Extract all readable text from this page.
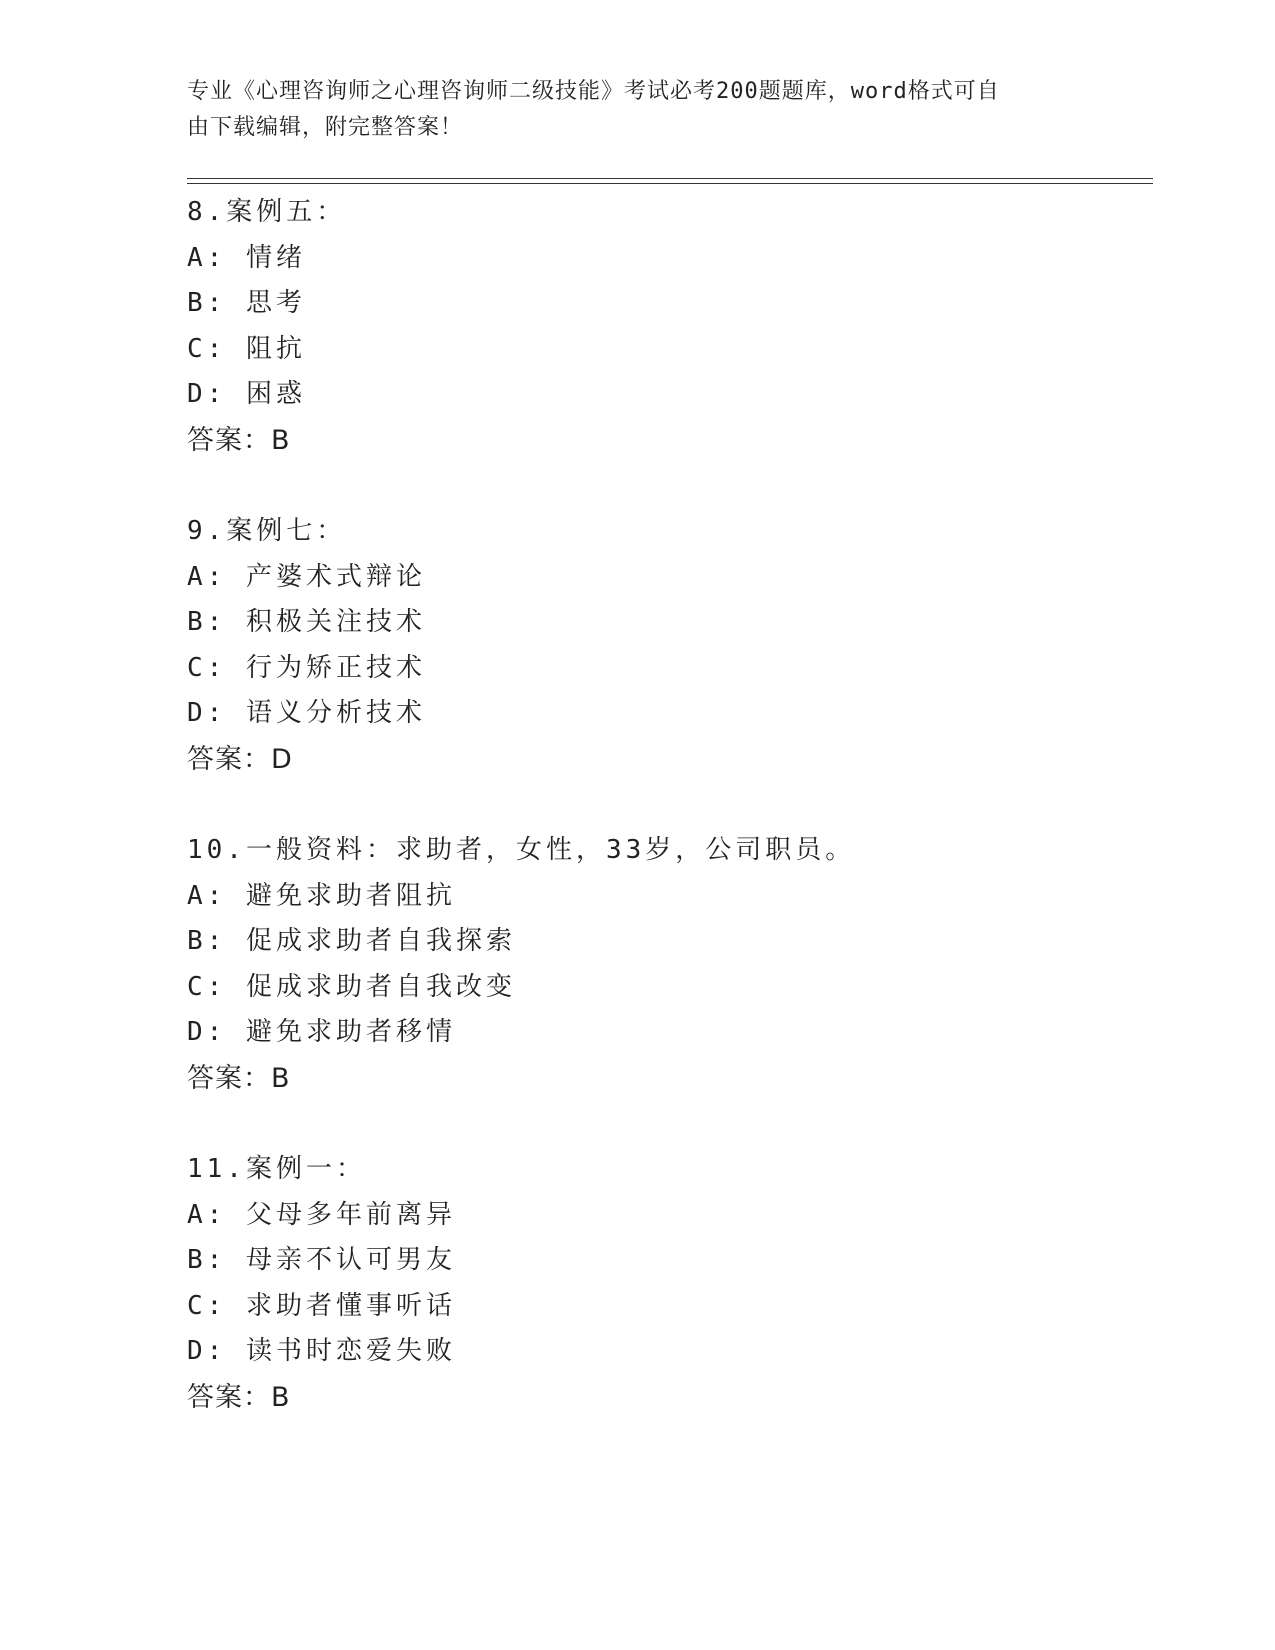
专业《心理咨询师之心理咨询师二级技能》考试必考200题题库，word格式可自
由下载编辑，附完整答案！
8.案例五：
A: 情绪
B: 思考
C: 阻抗
D: 困惑
答案：B
9.案例七：
A: 产婆术式辩论
B: 积极关注技术
C: 行为矫正技术
D: 语义分析技术
答案：D
10.一般资料：求助者，女性，33岁，公司职员。
A: 避免求助者阻抗
B: 促成求助者自我探索
C: 促成求助者自我改变
D: 避免求助者移情
答案：B
11.案例一：
A: 父母多年前离异
B: 母亲不认可男友
C: 求助者懂事听话
D: 读书时恋爱失败
答案：B
